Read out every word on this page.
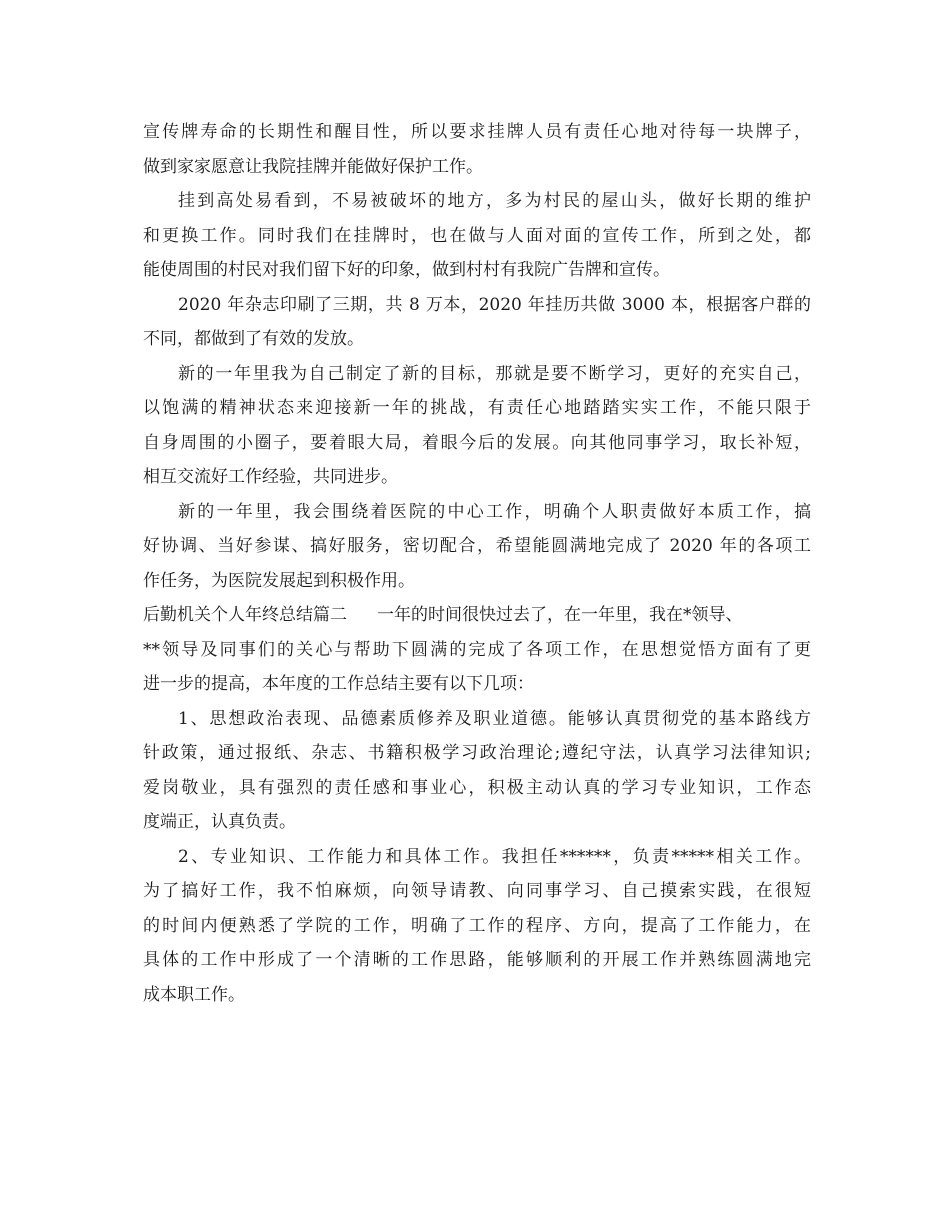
宣传牌寿命的长期性和醒目性，所以要求挂牌人员有责任心地对待每一块牌子，
做到家家愿意让我院挂牌并能做好保护工作。
挂到高处易看到，不易被破坏的地方，多为村民的屋山头，做好长期的维护
和更换工作。同时我们在挂牌时，也在做与人面对面的宣传工作，所到之处，都
能使周围的村民对我们留下好的印象，做到村村有我院广告牌和宣传。
2020 年杂志印刷了三期，共 8 万本，2020 年挂历共做 3000 本，根据客户群的
不同，都做到了有效的发放。
新的一年里我为自己制定了新的目标，那就是要不断学习，更好的充实自己，
以饱满的精神状态来迎接新一年的挑战，有责任心地踏踏实实工作，不能只限于
自身周围的小圈子，要着眼大局，着眼今后的发展。向其他同事学习，取长补短，
相互交流好工作经验，共同进步。
新的一年里，我会围绕着医院的中心工作，明确个人职责做好本质工作，搞
好协调、当好参谋、搞好服务，密切配合，希望能圆满地完成了 2020 年的各项工
作任务，为医院发展起到积极作用。
后勤机关个人年终总结篇二 一年的时间很快过去了，在一年里，我在*领导、
**领导及同事们的关心与帮助下圆满的完成了各项工作，在思想觉悟方面有了更
进一步的提高，本年度的工作总结主要有以下几项：
1、思想政治表现、品德素质修养及职业道德。能够认真贯彻党的基本路线方
针政策，通过报纸、杂志、书籍积极学习政治理论;遵纪守法，认真学习法律知识;
爱岗敬业，具有强烈的责任感和事业心，积极主动认真的学习专业知识，工作态
度端正，认真负责。
2、专业知识、工作能力和具体工作。我担任******，负责*****相关工作。
为了搞好工作，我不怕麻烦，向领导请教、向同事学习、自己摸索实践，在很短
的时间内便熟悉了学院的工作，明确了工作的程序、方向，提高了工作能力，在
具体的工作中形成了一个清晰的工作思路，能够顺利的开展工作并熟练圆满地完
成本职工作。
